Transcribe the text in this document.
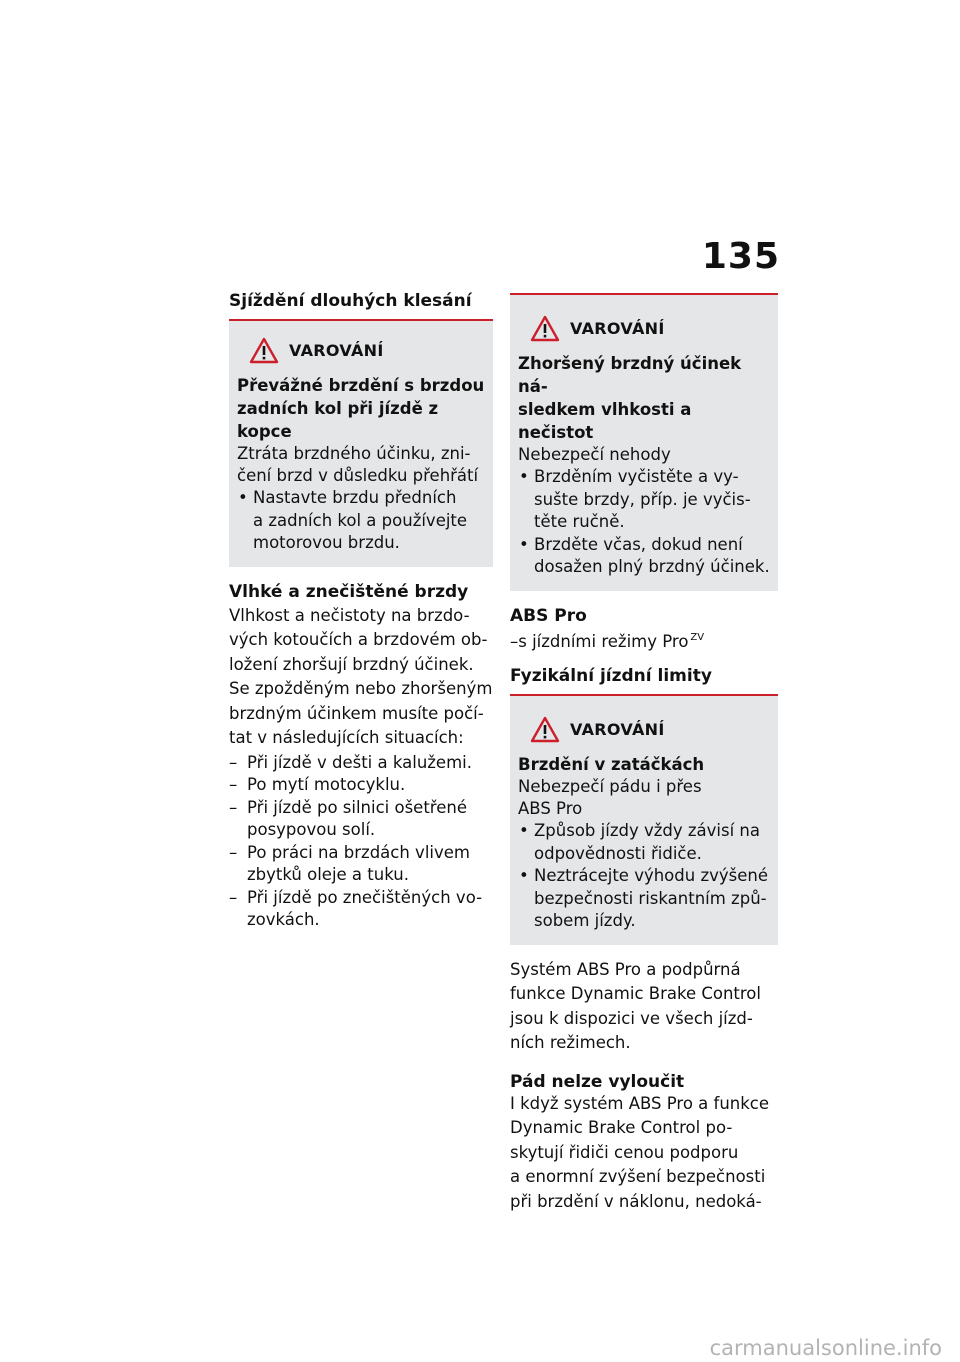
135
Sjíždění dlouhých klesání
VAROVÁNÍ
Převážné brzdění s brzdou
zadních kol při jízdě z kopce
Ztráta brzdného účinku, zni-
čení brzd v důsledku přehřátí
• Nastavte brzdu předních
a zadních kol a používejte
motorovou brzdu.
Vlhké a znečištěné brzdy
Vlhkost a nečistoty na brzdo-
vých kotoučích a brzdovém ob-
ložení zhoršují brzdný účinek.
Se zpožděným nebo zhoršeným
brzdným účinkem musíte počí-
tat v následujících situacích:
– Při jízdě v dešti a kalužemi.
– Po mytí motocyklu.
– Při jízdě po silnici ošetřené
posypovou solí.
– Po práci na brzdách vlivem
zbytků oleje a tuku.
– Při jízdě po znečištěných vo-
zovkách.
VAROVÁNÍ
Zhoršený brzdný účinek ná-
sledkem vlhkosti a nečistot
Nebezpečí nehody
• Brzděním vyčistěte a vy-
sušte brzdy, příp. je vyčis-
těte ručně.
• Brzděte včas, dokud není
dosažen plný brzdný účinek.
ABS Pro
–s jízdními režimy Pro $^{ZV}$
Fyzikální jízdní limity
VAROVÁNÍ
Brzdění v zatáčkách
Nebezpečí pádu i přes
ABS Pro
• Způsob jízdy vždy závisí na
odpovědnosti řidiče.
• Neztrácejte výhodu zvýšené
bezpečnosti riskantním způ-
sobem jízdy.
Systém ABS Pro a podpůrná
funkce Dynamic Brake Control
jsou k dispozici ve všech jízd-
ních režimech.
Pád nelze vyloučit
I když systém ABS Pro a funkce
Dynamic Brake Control po-
skytují řidiči cenou podporu
a enormní zvýšení bezpečnosti
při brzdění v náklonu, nedoká-
carmanualsonline.info
